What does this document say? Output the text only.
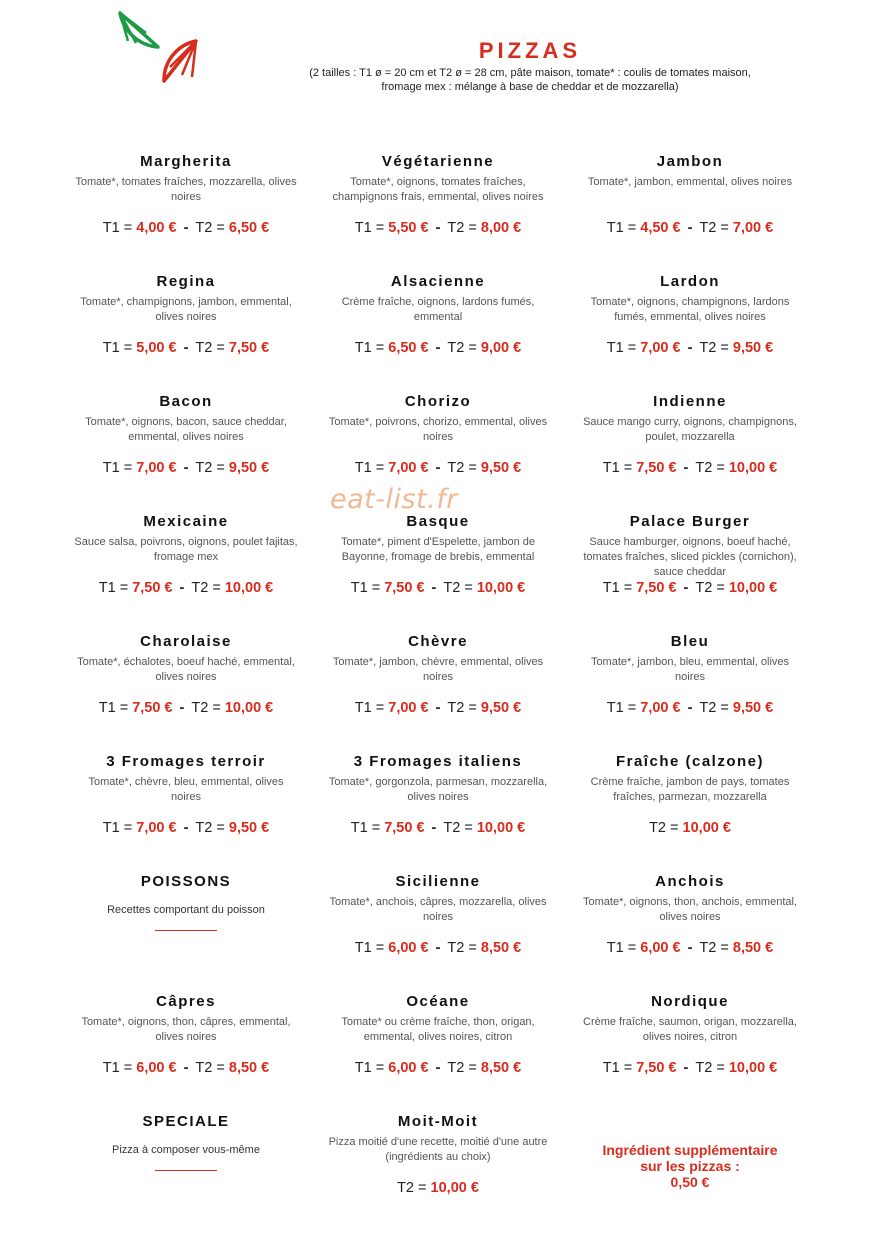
PIZZAS
(2 tailles : T1 ø = 20 cm et T2 ø = 28 cm, pâte maison, tomate* : coulis de tomates maison,
fromage mex : mélange à base de cheddar et de mozzarella)
Margherita
Tomate*, tomates fraîches, mozzarella, olives noires
T1 = 4,00 € - T2 = 6,50 €
Végétarienne
Tomate*, oignons, tomates fraîches, champignons frais, emmental, olives noires
T1 = 5,50 € - T2 = 8,00 €
Jambon
Tomate*, jambon, emmental, olives noires
T1 = 4,50 € - T2 = 7,00 €
Regina
Tomate*, champignons, jambon, emmental, olives noires
T1 = 5,00 € - T2 = 7,50 €
Alsacienne
Crème fraîche, oignons, lardons fumés, emmental
T1 = 6,50 € - T2 = 9,00 €
Lardon
Tomate*, oignons, champignons, lardons fumés, emmental, olives noires
T1 = 7,00 € - T2 = 9,50 €
Bacon
Tomate*, oignons, bacon, sauce cheddar, emmental, olives noires
T1 = 7,00 € - T2 = 9,50 €
Chorizo
Tomate*, poivrons, chorizo, emmental, olives noires
T1 = 7,00 € - T2 = 9,50 €
Indienne
Sauce mango curry, oignons, champignons, poulet, mozzarella
T1 = 7,50 € - T2 = 10,00 €
Mexicaine
Sauce salsa, poivrons, oignons, poulet fajitas, fromage mex
T1 = 7,50 € - T2 = 10,00 €
Basque
Tomate*, piment d'Espelette, jambon de Bayonne, fromage de brebis, emmental
T1 = 7,50 € - T2 = 10,00 €
Palace Burger
Sauce hamburger, oignons, boeuf haché, tomates fraîches, sliced pickles (cornichon), sauce cheddar
T1 = 7,50 € - T2 = 10,00 €
Charolaise
Tomate*, échalotes, boeuf haché, emmental, olives noires
T1 = 7,50 € - T2 = 10,00 €
Chèvre
Tomate*, jambon, chèvre, emmental, olives noires
T1 = 7,00 € - T2 = 9,50 €
Bleu
Tomate*, jambon, bleu, emmental, olives noires
T1 = 7,00 € - T2 = 9,50 €
3 Fromages terroir
Tomate*, chèvre, bleu, emmental, olives noires
T1 = 7,00 € - T2 = 9,50 €
3 Fromages italiens
Tomate*, gorgonzola, parmesan, mozzarella, olives noires
T1 = 7,50 € - T2 = 10,00 €
Fraîche (calzone)
Crème fraîche, jambon de pays, tomates fraîches, parmezan, mozzarella
T2 = 10,00 €
POISSONS
Recettes comportant du poisson
Sicilienne
Tomate*, anchois, câpres, mozzarella, olives noires
T1 = 6,00 € - T2 = 8,50 €
Anchois
Tomate*, oignons, thon, anchois, emmental, olives noires
T1 = 6,00 € - T2 = 8,50 €
Câpres
Tomate*, oignons, thon, câpres, emmental, olives noires
T1 = 6,00 € - T2 = 8,50 €
Océane
Tomate* ou crème fraîche, thon, origan, emmental, olives noires, citron
T1 = 6,00 € - T2 = 8,50 €
Nordique
Crème fraîche, saumon, origan, mozzarella, olives noires, citron
T1 = 7,50 € - T2 = 10,00 €
SPECIALE
Pizza à composer vous-même
Moit-Moit
Pizza moitié d'une recette, moitié d'une autre (ingrédients au choix)
T2 = 10,00 €
Ingrédient supplémentaire
sur les pizzas :
0,50 €
eat-list.fr
